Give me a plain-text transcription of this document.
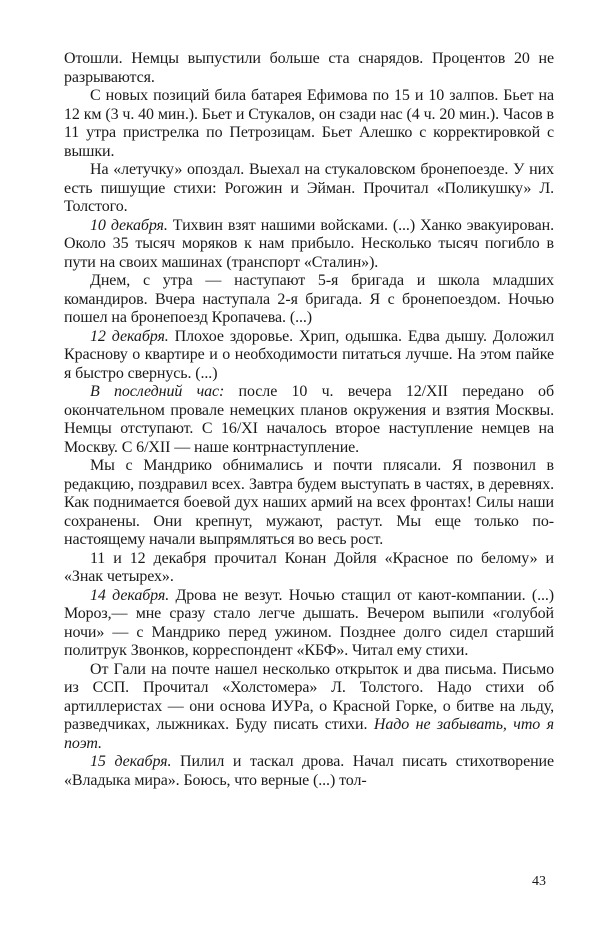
Отошли. Немцы выпустили больше ста снарядов. Процентов 20 не разрываются.

С новых позиций била батарея Ефимова по 15 и 10 залпов. Бьет на 12 км (3 ч. 40 мин.). Бьет и Стукалов, он сзади нас (4 ч. 20 мин.). Часов в 11 утра пристрелка по Петрозицам. Бьет Алешко с корректировкой с вышки.

На «летучку» опоздал. Выехал на стукаловском бронепоезде. У них есть пишущие стихи: Рогожин и Эйман. Прочитал «Поликушку» Л. Толстого.

10 декабря. Тихвин взят нашими войсками. (...) Ханко эвакуирован. Около 35 тысяч моряков к нам прибыло. Несколько тысяч погибло в пути на своих машинах (транспорт «Сталин»).

Днем, с утра — наступают 5-я бригада и школа младших командиров. Вчера наступала 2-я бригада. Я с бронепоездом. Ночью пошел на бронепоезд Кропачева. (...)

12 декабря. Плохое здоровье. Хрип, одышка. Едва дышу. Доложил Краснову о квартире и о необходимости питаться лучше. На этом пайке я быстро свернусь. (...)

В последний час: после 10 ч. вечера 12/XII передано об окончательном провале немецких планов окружения и взятия Москвы. Немцы отступают. С 16/XI началось второе наступление немцев на Москву. С 6/XII — наше контрнаступление.

Мы с Мандрико обнимались и почти плясали. Я позвонил в редакцию, поздравил всех. Завтра будем выступать в частях, в деревнях. Как поднимается боевой дух наших армий на всех фронтах! Силы наши сохранены. Они крепнут, мужают, растут. Мы еще только по-настоящему начали выпрямляться во весь рост.

11 и 12 декабря прочитал Конан Дойля «Красное по белому» и «Знак четырех».

14 декабря. Дрова не везут. Ночью стащил от кают-компании. (...) Мороз,— мне сразу стало легче дышать. Вечером выпили «голубой ночи» — с Мандрико перед ужином. Позднее долго сидел старший политрук Звонков, корреспондент «КБФ». Читал ему стихи.

От Гали на почте нашел несколько открыток и два письма. Письмо из ССП. Прочитал «Холстомера» Л. Толстого. Надо стихи об артиллеристах — они основа ИУРа, о Красной Горке, о битве на льду, разведчиках, лыжниках. Буду писать стихи. Надо не забывать, что я поэт.

15 декабря. Пилил и таскал дрова. Начал писать стихотворение «Владыка мира». Боюсь, что верные (...) тол-

43
